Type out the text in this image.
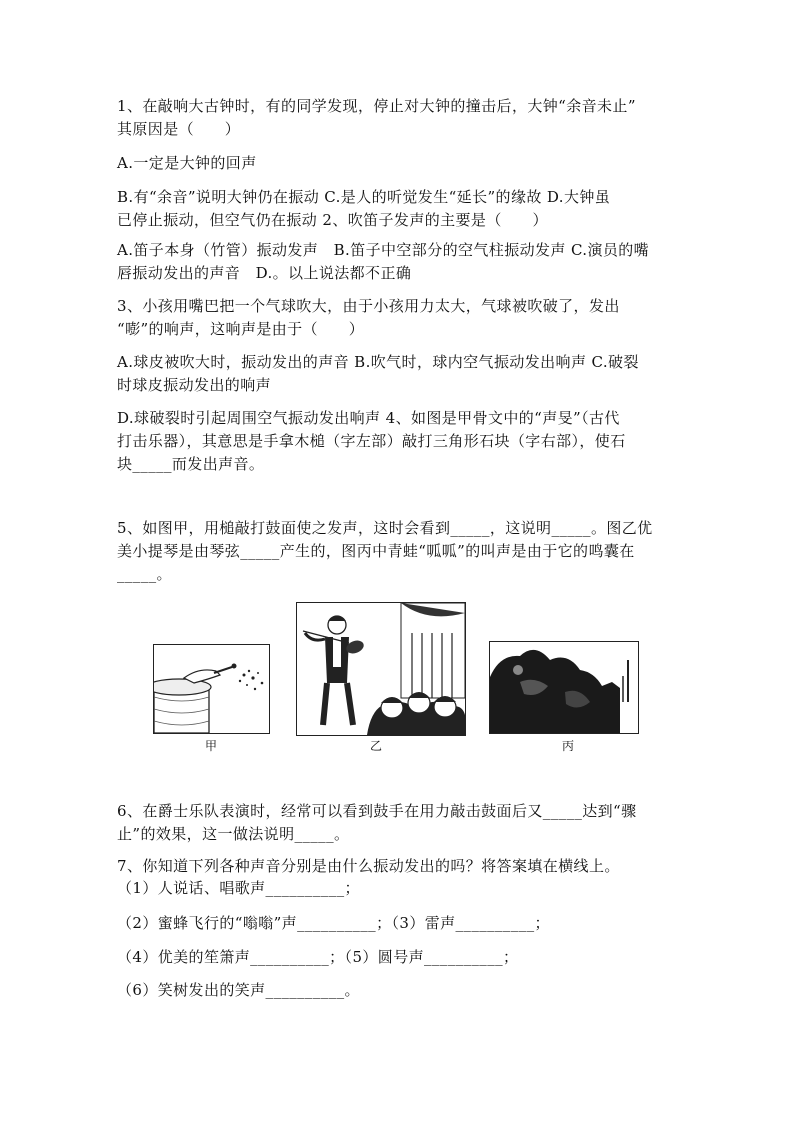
1、在敲响大古钟时，有的同学发现，停止对大钟的撞击后，大钟“余音未止”
其原因是（　　）
A.一定是大钟的回声
B.有“余音”说明大钟仍在振动 C.是人的听觉发生“延长”的缘故 D.大钟虽
已停止振动，但空气仍在振动 2、吹笛子发声的主要是（　　）
A.笛子本身（竹管）振动发声　B.笛子中空部分的空气柱振动发声 C.演员的嘴
唇振动发出的声音　D.。以上说法都不正确
3、小孩用嘴巴把一个气球吹大，由于小孩用力太大，气球被吹破了，发出
“嘭”的响声，这响声是由于（　　）
A.球皮被吹大时，振动发出的声音 B.吹气时，球内空气振动发出响声 C.破裂
时球皮振动发出的响声
D.球破裂时引起周围空气振动发出响声 4、如图是甲骨文中的“声旻”（古代
打击乐器），其意思是手拿木槌（字左部）敲打三角形石块（字右部），使石
块_____而发出声音。
5、如图甲，用槌敲打鼓面使之发声，这时会看到_____，这说明_____。图乙优
美小提琴是由琴弦_____产生的，图丙中青蛙“呱呱”的叫声是由于它的鸣囊在
_____。
甲	乙	丙
6、在爵士乐队表演时，经常可以看到鼓手在用力敲击鼓面后又_____达到“骤
止”的效果，这一做法说明_____。
7、你知道下列各种声音分别是由什么振动发出的吗？将答案填在横线上。
（1）人说话、唱歌声__________；
（2）蜜蜂飞行的“嗡嗡”声__________；（3）雷声__________；
（4）优美的笙箫声__________；（5）圆号声__________；
（6）笑树发出的笑声__________。
